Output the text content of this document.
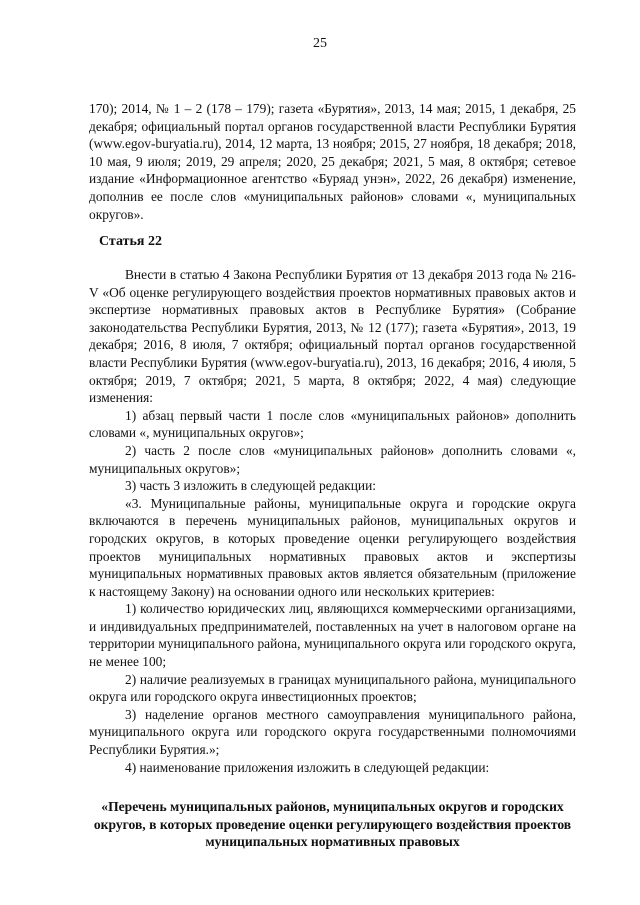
25

170); 2014, № 1 – 2 (178 – 179); газета «Бурятия», 2013, 14 мая; 2015, 1 декабря, 25 декабря; официальный портал органов государственной власти Республики Бурятия (www.egov-buryatia.ru), 2014, 12 марта, 13 ноября; 2015, 27 ноября, 18 декабря; 2018, 10 мая, 9 июля; 2019, 29 апреля; 2020, 25 декабря; 2021, 5 мая, 8 октября; сетевое издание «Информационное агентство «Буряад унэн», 2022, 26 декабря) изменение, дополнив ее после слов «муниципальных районов» словами «, муниципальных округов».

Статья 22

Внести в статью 4 Закона Республики Бурятия от 13 декабря 2013 года № 216-V «Об оценке регулирующего воздействия проектов нормативных правовых актов и экспертизе нормативных правовых актов в Республике Бурятия» (Собрание законодательства Республики Бурятия, 2013, № 12 (177); газета «Бурятия», 2013, 19 декабря; 2016, 8 июля, 7 октября; официальный портал органов государственной власти Республики Бурятия (www.egov-buryatia.ru), 2013, 16 декабря; 2016, 4 июля, 5 октября; 2019, 7 октября; 2021, 5 марта, 8 октября; 2022, 4 мая) следующие изменения:

1) абзац первый части 1 после слов «муниципальных районов» дополнить словами «, муниципальных округов»;

2) часть 2 после слов «муниципальных районов» дополнить словами «, муниципальных округов»;

3) часть 3 изложить в следующей редакции:

«3. Муниципальные районы, муниципальные округа и городские округа включаются в перечень муниципальных районов, муниципальных округов и городских округов, в которых проведение оценки регулирующего воздействия проектов муниципальных нормативных правовых актов и экспертизы муниципальных нормативных правовых актов является обязательным (приложение к настоящему Закону) на основании одного или нескольких критериев:

1) количество юридических лиц, являющихся коммерческими организациями, и индивидуальных предпринимателей, поставленных на учет в налоговом органе на территории муниципального района, муниципального округа или городского округа, не менее 100;

2) наличие реализуемых в границах муниципального района, муниципального округа или городского округа инвестиционных проектов;

3) наделение органов местного самоуправления муниципального района, муниципального округа или городского округа государственными полномочиями Республики Бурятия.»;

4) наименование приложения изложить в следующей редакции:

«Перечень муниципальных районов, муниципальных округов и городских округов, в которых проведение оценки регулирующего воздействия проектов муниципальных нормативных правовых
